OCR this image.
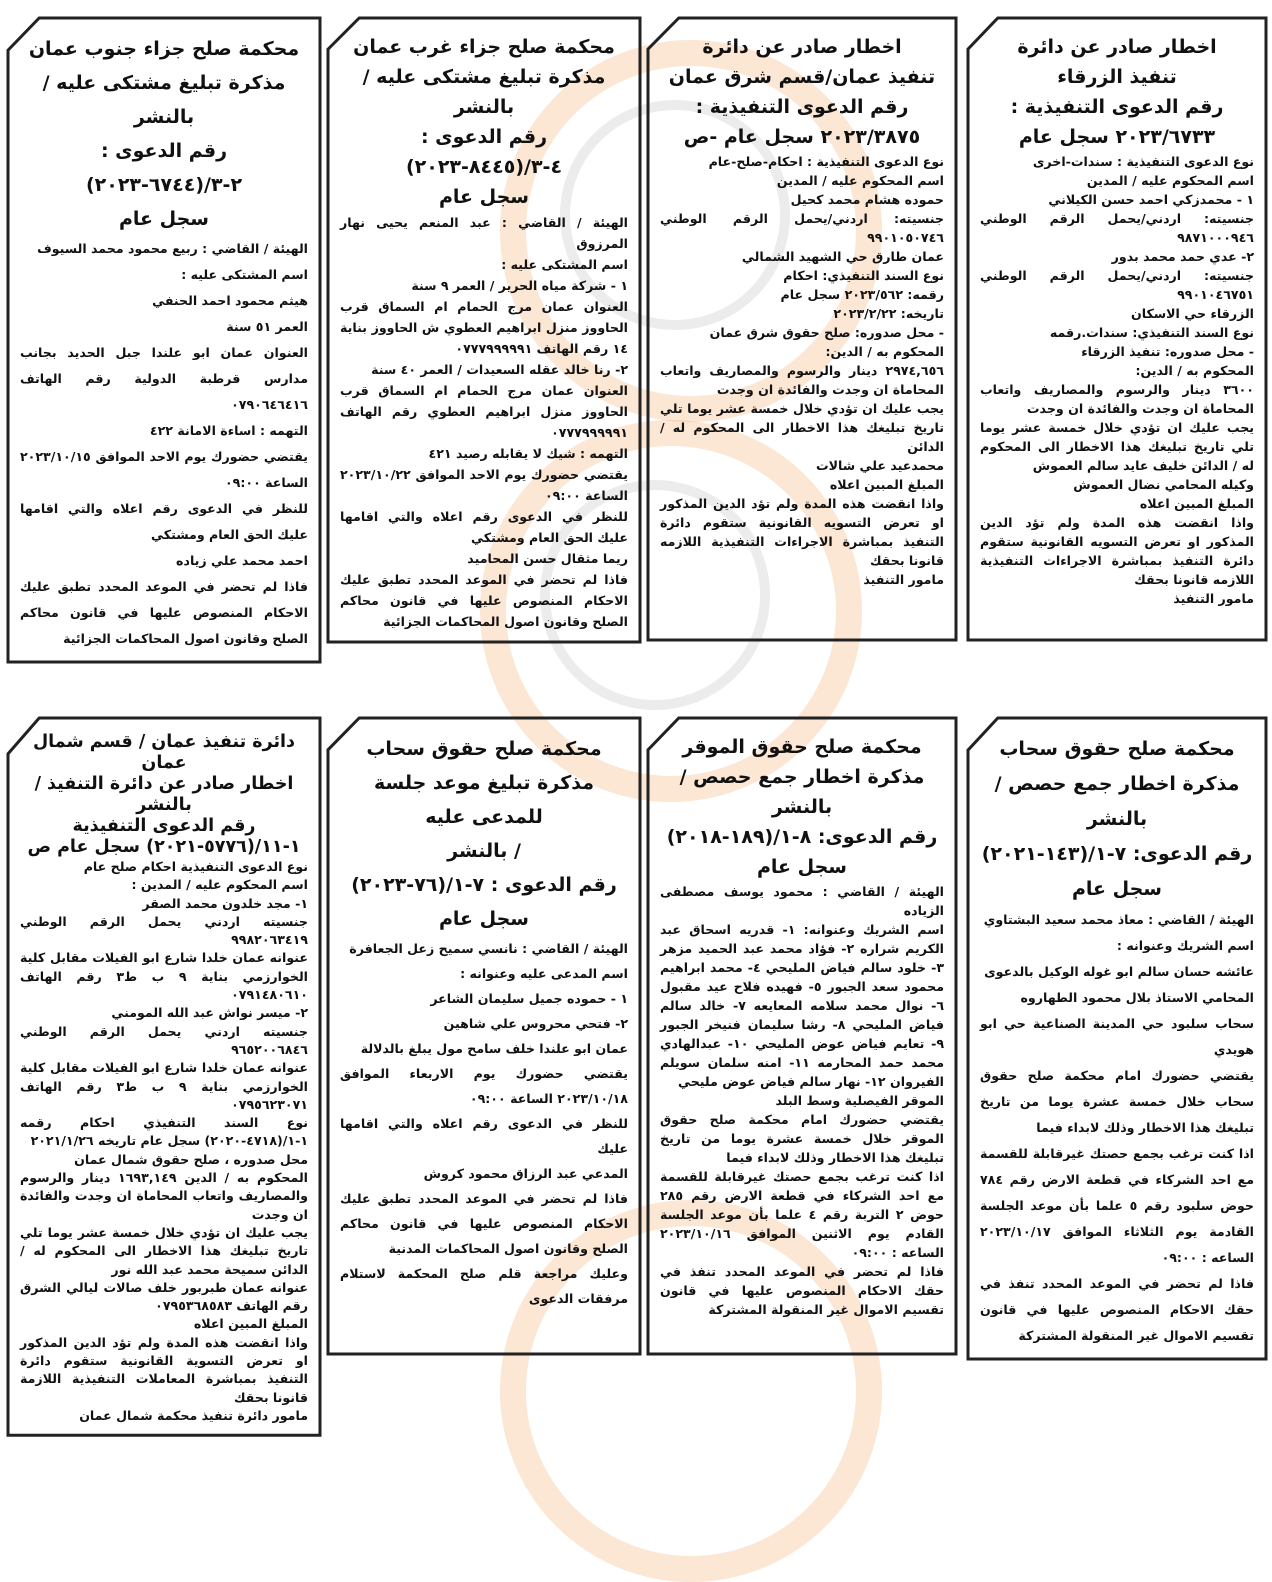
اخطار صادر عن دائرة
تنفيذ الزرقاء
رقم الدعوى التنفيذية :
٢٠٢٣/٦٧٣٣ سجل عام

نوع الدعوى التنفيذية : سندات-اخرى

اسم المحكوم عليه / المدين

١ - محمدزكي احمد حسن الكيلاني

جنسيته: اردني/يحمل الرقم الوطني ٩٨٧١٠٠٠٩٤٦

٢- عدي حمد محمد بدور

جنسيته: اردني/يحمل الرقم الوطني ٩٩٠١٠٤٦٧٥١

الزرقاء حي الاسكان

نوع السند التنفيذي: سندات.رقمه

- محل صدوره: تنفيذ الزرقاء

المحكوم به / الدين:

٣٦٠٠ دينار والرسوم والمصاريف واتعاب المحاماة ان وجدت والفائدة ان وجدت

يجب عليك ان تؤدي خلال خمسة عشر يوما تلي تاريخ تبليغك هذا الاخطار الى المحكوم له / الدائن خليف عايد سالم العموش

وكيله المحامي نضال العموش

المبلغ المبين اعلاه

واذا انقضت هذه المدة ولم تؤد الدين المذكور او تعرض التسويه القانونية ستقوم دائرة التنفيذ بمباشرة الاجراءات التنفيذية اللازمه قانونا بحقك

مامور التنفيذ

اخطار صادر عن دائرة
تنفيذ عمان/قسم شرق عمان
رقم الدعوى التنفيذية :
٢٠٢٣/٣٨٧٥ سجل عام -ص

نوع الدعوى التنفيذية : احكام-صلح-عام

اسم المحكوم عليه / المدين

حموده هشام محمد كحيل

جنسيته: اردني/يحمل الرقم الوطني ٩٩٠١٠٥٠٧٤٦

عمان طارق حي الشهيد الشمالي

نوع السند التنفيذي: احكام

رقمه: ٢٠٢٣/٥٦٢ سجل عام

تاريخه: ٢٠٢٣/٢/٢٢

- محل صدوره: صلح حقوق شرق عمان

المحكوم به / الدين:

٢٩٧٤,٦٥٦ دينار والرسوم والمصاريف واتعاب المحاماة ان وجدت والفائدة ان وجدت

يجب عليك ان تؤدي خلال خمسة عشر يوما تلي تاريخ تبليغك هذا الاخطار الى المحكوم له / الدائن

محمدعيد علي شالات

المبلغ المبين اعلاه

واذا انقضت هذه المدة ولم تؤد الدين المذكور او تعرض التسويه القانونية ستقوم دائرة التنفيذ بمباشرة الاجراءات التنفيذية اللازمه قانونا بحقك

مامور التنفيذ

محكمة صلح جزاء غرب عمان
مذكرة تبليغ مشتكى عليه / بالنشر
رقم الدعوى : ٤-٣/(٨٤٤٥-٢٠٢٣)
سجل عام

الهيئة / القاضي : عبد المنعم يحيى نهار المرزوق

اسم المشتكى عليه :

١ - شركة مياه الحرير / العمر ٩ سنة

العنوان عمان مرج الحمام ام السماق قرب الحاووز منزل ابراهيم العطوي ش الحاووز بناية ١٤ رقم الهاتف ٠٧٧٧٩٩٩٩٩١

٢- رنا خالد عقله السعيدات / العمر ٤٠ سنة

العنوان عمان مرج الحمام ام السماق قرب الحاووز منزل ابراهيم العطوي رقم الهاتف ٠٧٧٧٩٩٩٩٩١

التهمه : شيك لا يقابله رصيد ٤٢١

يقتضي حضورك يوم الاحد الموافق ٢٠٢٣/١٠/٢٢ الساعة ٠٩:٠٠

للنظر في الدعوى رقم اعلاه والتي اقامها عليك الحق العام ومشتكي

ريما مثقال حسن المحاميد

فاذا لم تحضر في الموعد المحدد تطبق عليك الاحكام المنصوص عليها في قانون محاكم الصلح وقانون اصول المحاكمات الجزائية

محكمة صلح جزاء جنوب عمان
مذكرة تبليغ مشتكى عليه / بالنشر
رقم الدعوى : ٢-٣/(٦٧٤٤-٢٠٢٣)
سجل عام

الهيئة / القاضي : ربيع محمود محمد السيوف

اسم المشتكى عليه :

هيثم محمود احمد الحنفي

العمر ٥١ سنة

العنوان عمان ابو علندا جبل الحديد بجانب مدارس قرطبة الدولية رقم الهاتف ٠٧٩٠٦٤٦٤١٦

التهمه : اساءة الامانة ٤٢٢

يقتضي حضورك يوم الاحد الموافق ٢٠٢٣/١٠/١٥ الساعة ٠٩:٠٠

للنظر في الدعوى رقم اعلاه والتي اقامها عليك الحق العام ومشتكي

احمد محمد علي زياده

فاذا لم تحضر في الموعد المحدد تطبق عليك الاحكام المنصوص عليها في قانون محاكم الصلح وقانون اصول المحاكمات الجزائية

محكمة صلح حقوق سحاب
مذكرة اخطار جمع حصص / بالنشر
رقم الدعوى: ٧-١/(١٤٣-٢٠٢١)
سجل عام

الهيئة / القاضي : معاذ محمد سعيد البشتاوي

اسم الشريك وعنوانه :

عائشه حسان سالم ابو غوله الوكيل بالدعوى

المحامي الاستاذ بلال محمود الطهاروه

سحاب سلبود حي المدينة الصناعية حي ابو هويدي

يقتضي حضورك امام محكمة صلح حقوق سحاب خلال خمسة عشرة يوما من تاريخ تبليغك هذا الاخطار وذلك لابداء فيما

اذا كنت ترغب بجمع حصتك غيرقابلة للقسمة مع احد الشركاء في قطعة الارض رقم ٧٨٤ حوض سلبود رقم ٥ علما بأن موعد الجلسة القادمة يوم الثلاثاء الموافق ٢٠٢٣/١٠/١٧ الساعه : ٠٩:٠٠

فاذا لم تحضر في الموعد المحدد تنفذ في حقك الاحكام المنصوص عليها في قانون تقسيم الاموال غير المنقولة المشتركة

محكمة صلح حقوق الموقر
مذكرة اخطار جمع حصص / بالنشر
رقم الدعوى: ٨-١/(١٨٩-٢٠١٨)
سجل عام

الهيئة / القاضي : محمود يوسف مصطفى الزياده

اسم الشريك وعنوانه: ١- قدريه اسحاق عبد الكريم شراره ٢- فؤاد محمد عبد الحميد مزهر ٣- خلود سالم فياض المليحي ٤- محمد ابراهيم محمود سعد الجبور ٥- فهيده فلاح عيد مقبول ٦- نوال محمد سلامه المعايعه ٧- خالد سالم فياض المليحي ٨- رشا سليمان فنيخر الجبور ٩- تعايم فياض عوض المليحي ١٠- عبدالهادي محمد حمد المحارمه ١١- امنه سلمان سويلم الفيروان ١٢- نهار سالم فياض عوض مليحي

الموقر الفيصلية وسط البلد

يقتضي حضورك امام محكمة صلح حقوق الموقر خلال خمسة عشرة يوما من تاريخ تبليغك هذا الاخطار وذلك لابداء فيما

اذا كنت ترغب بجمع حصتك غيرقابلة للقسمة مع احد الشركاء في قطعة الارض رقم ٢٨٥ حوض ٢ التربة رقم ٤ علما بأن موعد الجلسة القادم يوم الاثنين الموافق ٢٠٢٣/١٠/١٦ الساعه : ٠٩:٠٠

فاذا لم تحضر في الموعد المحدد تنفذ في حقك الاحكام المنصوص عليها في قانون تقسيم الاموال غير المنقولة المشتركة

محكمة صلح حقوق سحاب
مذكرة تبليغ موعد جلسة للمدعى عليه
/ بالنشر
رقم الدعوى : ٧-١/(٧٦-٢٠٢٣)
سجل عام

الهيئة / القاضي : نانسي سميح زعل الجعافرة

اسم المدعى عليه وعنوانه :

١ - حموده جميل سليمان الشاعر

٢- فتحي محروس علي شاهين

عمان ابو علندا خلف سامح مول يبلغ بالدلالة

يقتضي حضورك يوم الاربعاء الموافق ٢٠٢٣/١٠/١٨ الساعة ٠٩:٠٠

للنظر في الدعوى رقم اعلاه والتي اقامها عليك

المدعي عبد الرزاق محمود كروش

فاذا لم تحضر في الموعد المحدد تطبق عليك الاحكام المنصوص عليها في قانون محاكم الصلح وقانون اصول المحاكمات المدنية

وعليك مراجعة قلم صلح المحكمة لاستلام مرفقات الدعوى

دائرة تنفيذ عمان / قسم شمال عمان
اخطار صادر عن دائرة التنفيذ / بالنشر
رقم الدعوى التنفيذية ١-١١/(٥٧٧٦-٢٠٢١) سجل عام ص

نوع الدعوى التنفيذية احكام صلح عام

اسم المحكوم عليه / المدين :

١- مجد خلدون محمد الصقر

جنسيته اردني يحمل الرقم الوطني ٩٩٨٢٠٦٣٤١٩

عنوانه عمان خلدا شارع ابو الفيلات مقابل كلية الخوارزمي بناية ٩ ب ط٣ رقم الهاتف ٠٧٩١٤٨٠٦١٠

٢- ميسر نواش عبد الله المومني

جنسيته اردني يحمل الرقم الوطني ٩٦٥٢٠٠٦٨٤٦

عنوانه عمان خلدا شارع ابو الفيلات مقابل كلية الخوارزمي بناية ٩ ب ط٣ رقم الهاتف ٠٧٩٥٦٢٣٠٧١

نوع السند التنفيذي احكام رقمه ١-١/(٤٧١٨-٢٠٢٠) سجل عام تاريخه ٢٠٢١/١/٢٦

محل صدوره ، صلح حقوق شمال عمان

المحكوم به / الدين ١٦٩٣,١٤٩ دينار والرسوم والمصاريف واتعاب المحاماة ان وجدت والفائدة ان وجدت

يجب عليك ان تؤدي خلال خمسة عشر يوما تلي تاريخ تبليغك هذا الاخطار الى المحكوم له / الدائن سميحة محمد عبد الله نور

عنوانه عمان طبربور خلف صالات ليالي الشرق رقم الهاتف ٠٧٩٥٣٦٨٥٨٣

المبلغ المبين اعلاه

واذا انقضت هذه المدة ولم تؤد الدين المذكور او تعرض التسوية القانونية ستقوم دائرة التنفيذ بمباشرة المعاملات التنفيذية اللازمة قانونا بحقك

مامور دائرة تنفيذ محكمة شمال عمان
